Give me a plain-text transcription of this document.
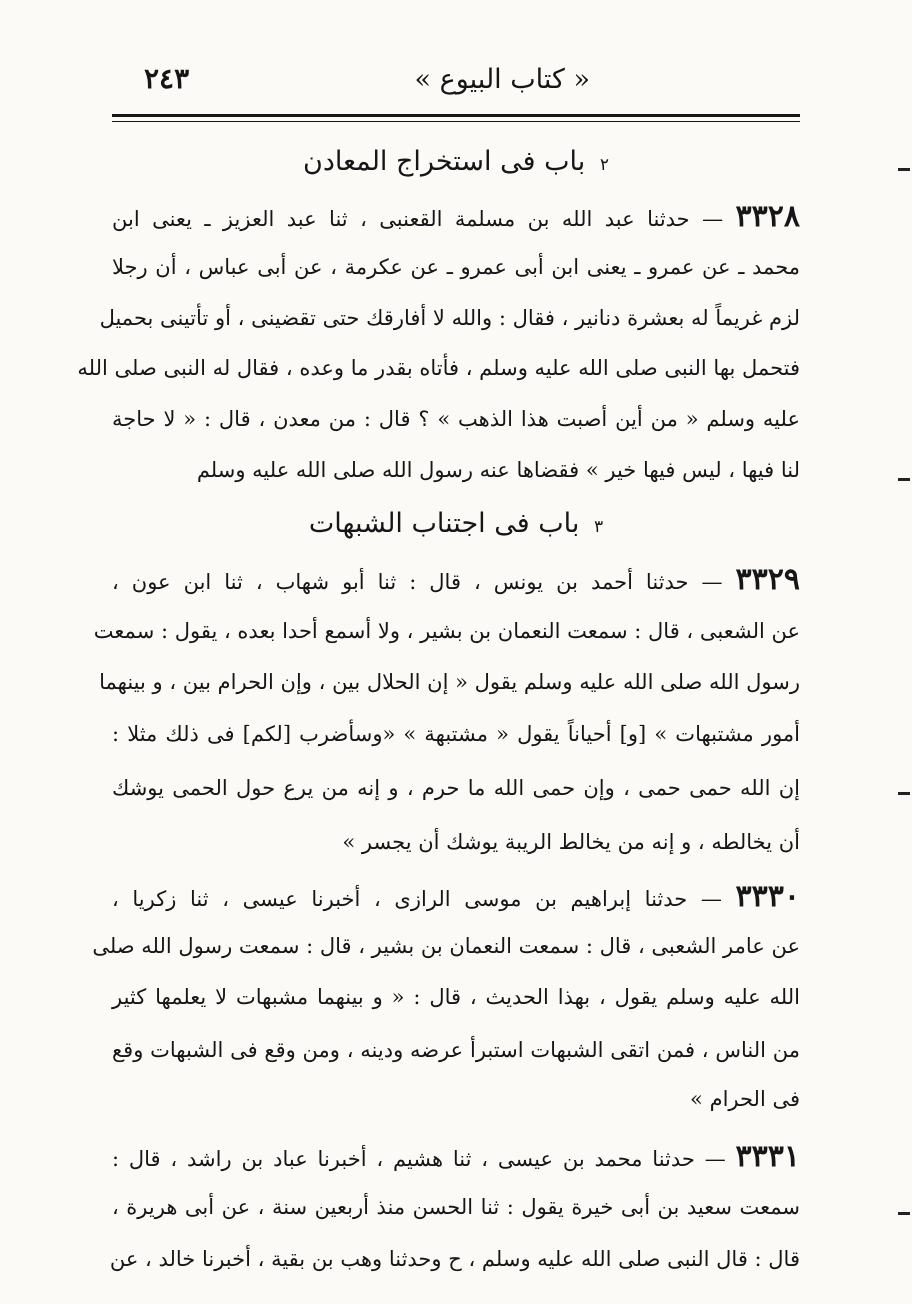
« كتاب البيوع »
٢٤٣
٢ باب فى استخراج المعادن
٣٣٢٨ — حدثنا عبد الله بن مسلمة القعنبى ، ثنا عبد العزيز ـ يعنى ابن
محمد ـ عن عمرو ـ يعنى ابن أبى عمرو ـ عن عكرمة ، عن أبى عباس ، أن رجلا
لزم غريماً له بعشرة دنانير ، فقال : والله لا أفارقك حتى تقضينى ، أو تأتينى بحميل
فتحمل بها النبى صلى الله عليه وسلم ، فأتاه بقدر ما وعده ، فقال له النبى صلى الله
عليه وسلم « من أين أصبت هذا الذهب » ؟ قال : من معدن ، قال : « لا حاجة
لنا فيها ، ليس فيها خير » فقضاها عنه رسول الله صلى الله عليه وسلم
٣ باب فى اجتناب الشبهات
٣٣٢٩ — حدثنا أحمد بن يونس ، قال : ثنا أبو شهاب ، ثنا ابن عون ،
عن الشعبى ، قال : سمعت النعمان بن بشير ، ولا أسمع أحدا بعده ، يقول : سمعت
رسول الله صلى الله عليه وسلم يقول « إن الحلال بين ، وإن الحرام بين ، و بينهما
أمور مشتبهات » [و] أحياناً يقول « مشتبهة » «وسأضرب [لكم] فى ذلك مثلا :
إن الله حمى حمى ، وإن حمى الله ما حرم ، و إنه من يرع حول الحمى يوشك
أن يخالطه ، و إنه من يخالط الريبة يوشك أن يجسر »
٣٣٣٠ — حدثنا إبراهيم بن موسى الرازى ، أخبرنا عيسى ، ثنا زكريا ،
عن عامر الشعبى ، قال : سمعت النعمان بن بشير ، قال : سمعت رسول الله صلى
الله عليه وسلم يقول ، بهذا الحديث ، قال : « و بينهما مشبهات لا يعلمها كثير
من الناس ، فمن اتقى الشبهات استبرأ عرضه ودينه ، ومن وقع فى الشبهات وقع
فى الحرام »
٣٣٣١ — حدثنا محمد بن عيسى ، ثنا هشيم ، أخبرنا عباد بن راشد ، قال :
سمعت سعيد بن أبى خيرة يقول : ثنا الحسن منذ أربعين سنة ، عن أبى هريرة ،
قال : قال النبى صلى الله عليه وسلم ، ح وحدثنا وهب بن بقية ، أخبرنا خالد ، عن
